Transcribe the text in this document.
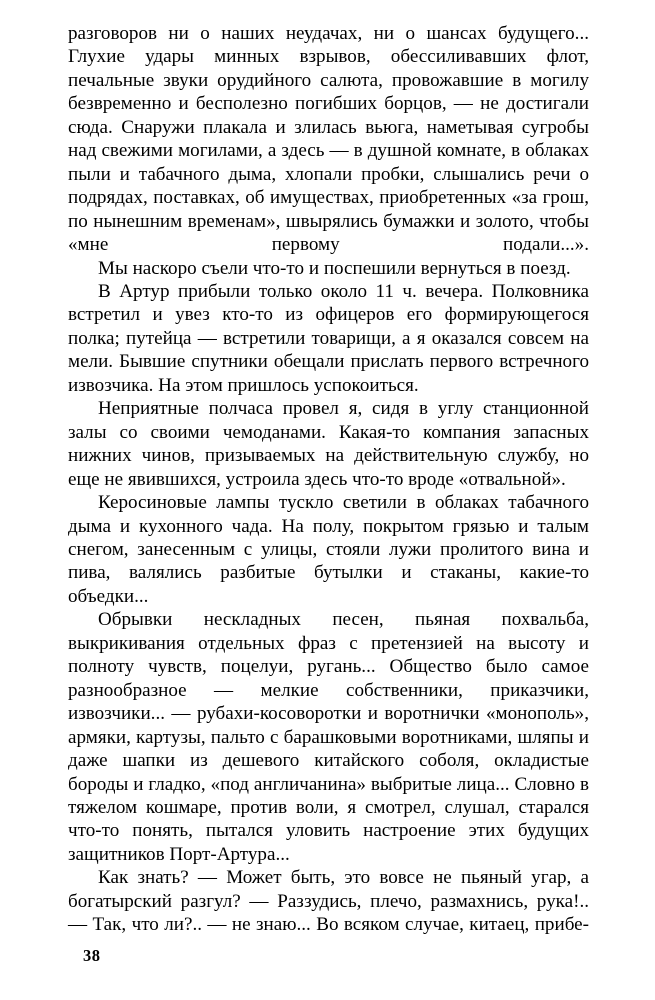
разговоров ни о наших неудачах, ни о шансах будущего... Глухие удары минных взрывов, обессиливавших флот, печальные звуки орудийного салюта, провожавшие в могилу безвременно и бесполезно погибших борцов, — не достигали сюда. Снаружи плакала и злилась вьюга, наметывая сугробы над свежими могилами, а здесь — в душной комнате, в облаках пыли и табачного дыма, хлопали пробки, слышались речи о подрядах, поставках, об имуществах, приобретенных «за грош, по нынешним временам», швырялись бумажки и золото, чтобы «мне первому подали...».

Мы наскоро съели что-то и поспешили вернуться в поезд.

В Артур прибыли только около 11 ч. вечера. Полковника встретил и увез кто-то из офицеров его формирующегося полка; путейца — встретили товарищи, а я оказался совсем на мели. Бывшие спутники обещали прислать первого встречного извозчика. На этом пришлось успокоиться.

Неприятные полчаса провел я, сидя в углу станционной залы со своими чемоданами. Какая-то компания запасных нижних чинов, призываемых на действительную службу, но еще не явившихся, устроила здесь что-то вроде «отвальной».

Керосиновые лампы тускло светили в облаках табачного дыма и кухонного чада. На полу, покрытом грязью и талым снегом, занесенным с улицы, стояли лужи пролитого вина и пива, валялись разбитые бутылки и стаканы, какие-то объедки...

Обрывки нескладных песен, пьяная похвальба, выкрикивания отдельных фраз с претензией на высоту и полноту чувств, поцелуи, ругань... Общество было самое разнообразное — мелкие собственники, приказчики, извозчики... — рубахи-косоворотки и воротнички «монополь», армяки, картузы, пальто с барашковыми воротниками, шляпы и даже шапки из дешевого китайского соболя, окладистые бороды и гладко, «под англичанина» выбритые лица... Словно в тяжелом кошмаре, против воли, я смотрел, слушал, старался что-то понять, пытался уловить настроение этих будущих защитников Порт-Артура...

Как знать? — Может быть, это вовсе не пьяный угар, а богатырский разгул? — Раззудись, плечо, размахнись, рука!.. — Так, что ли?.. — не знаю... Во всяком случае, китаец, прибе-

38
